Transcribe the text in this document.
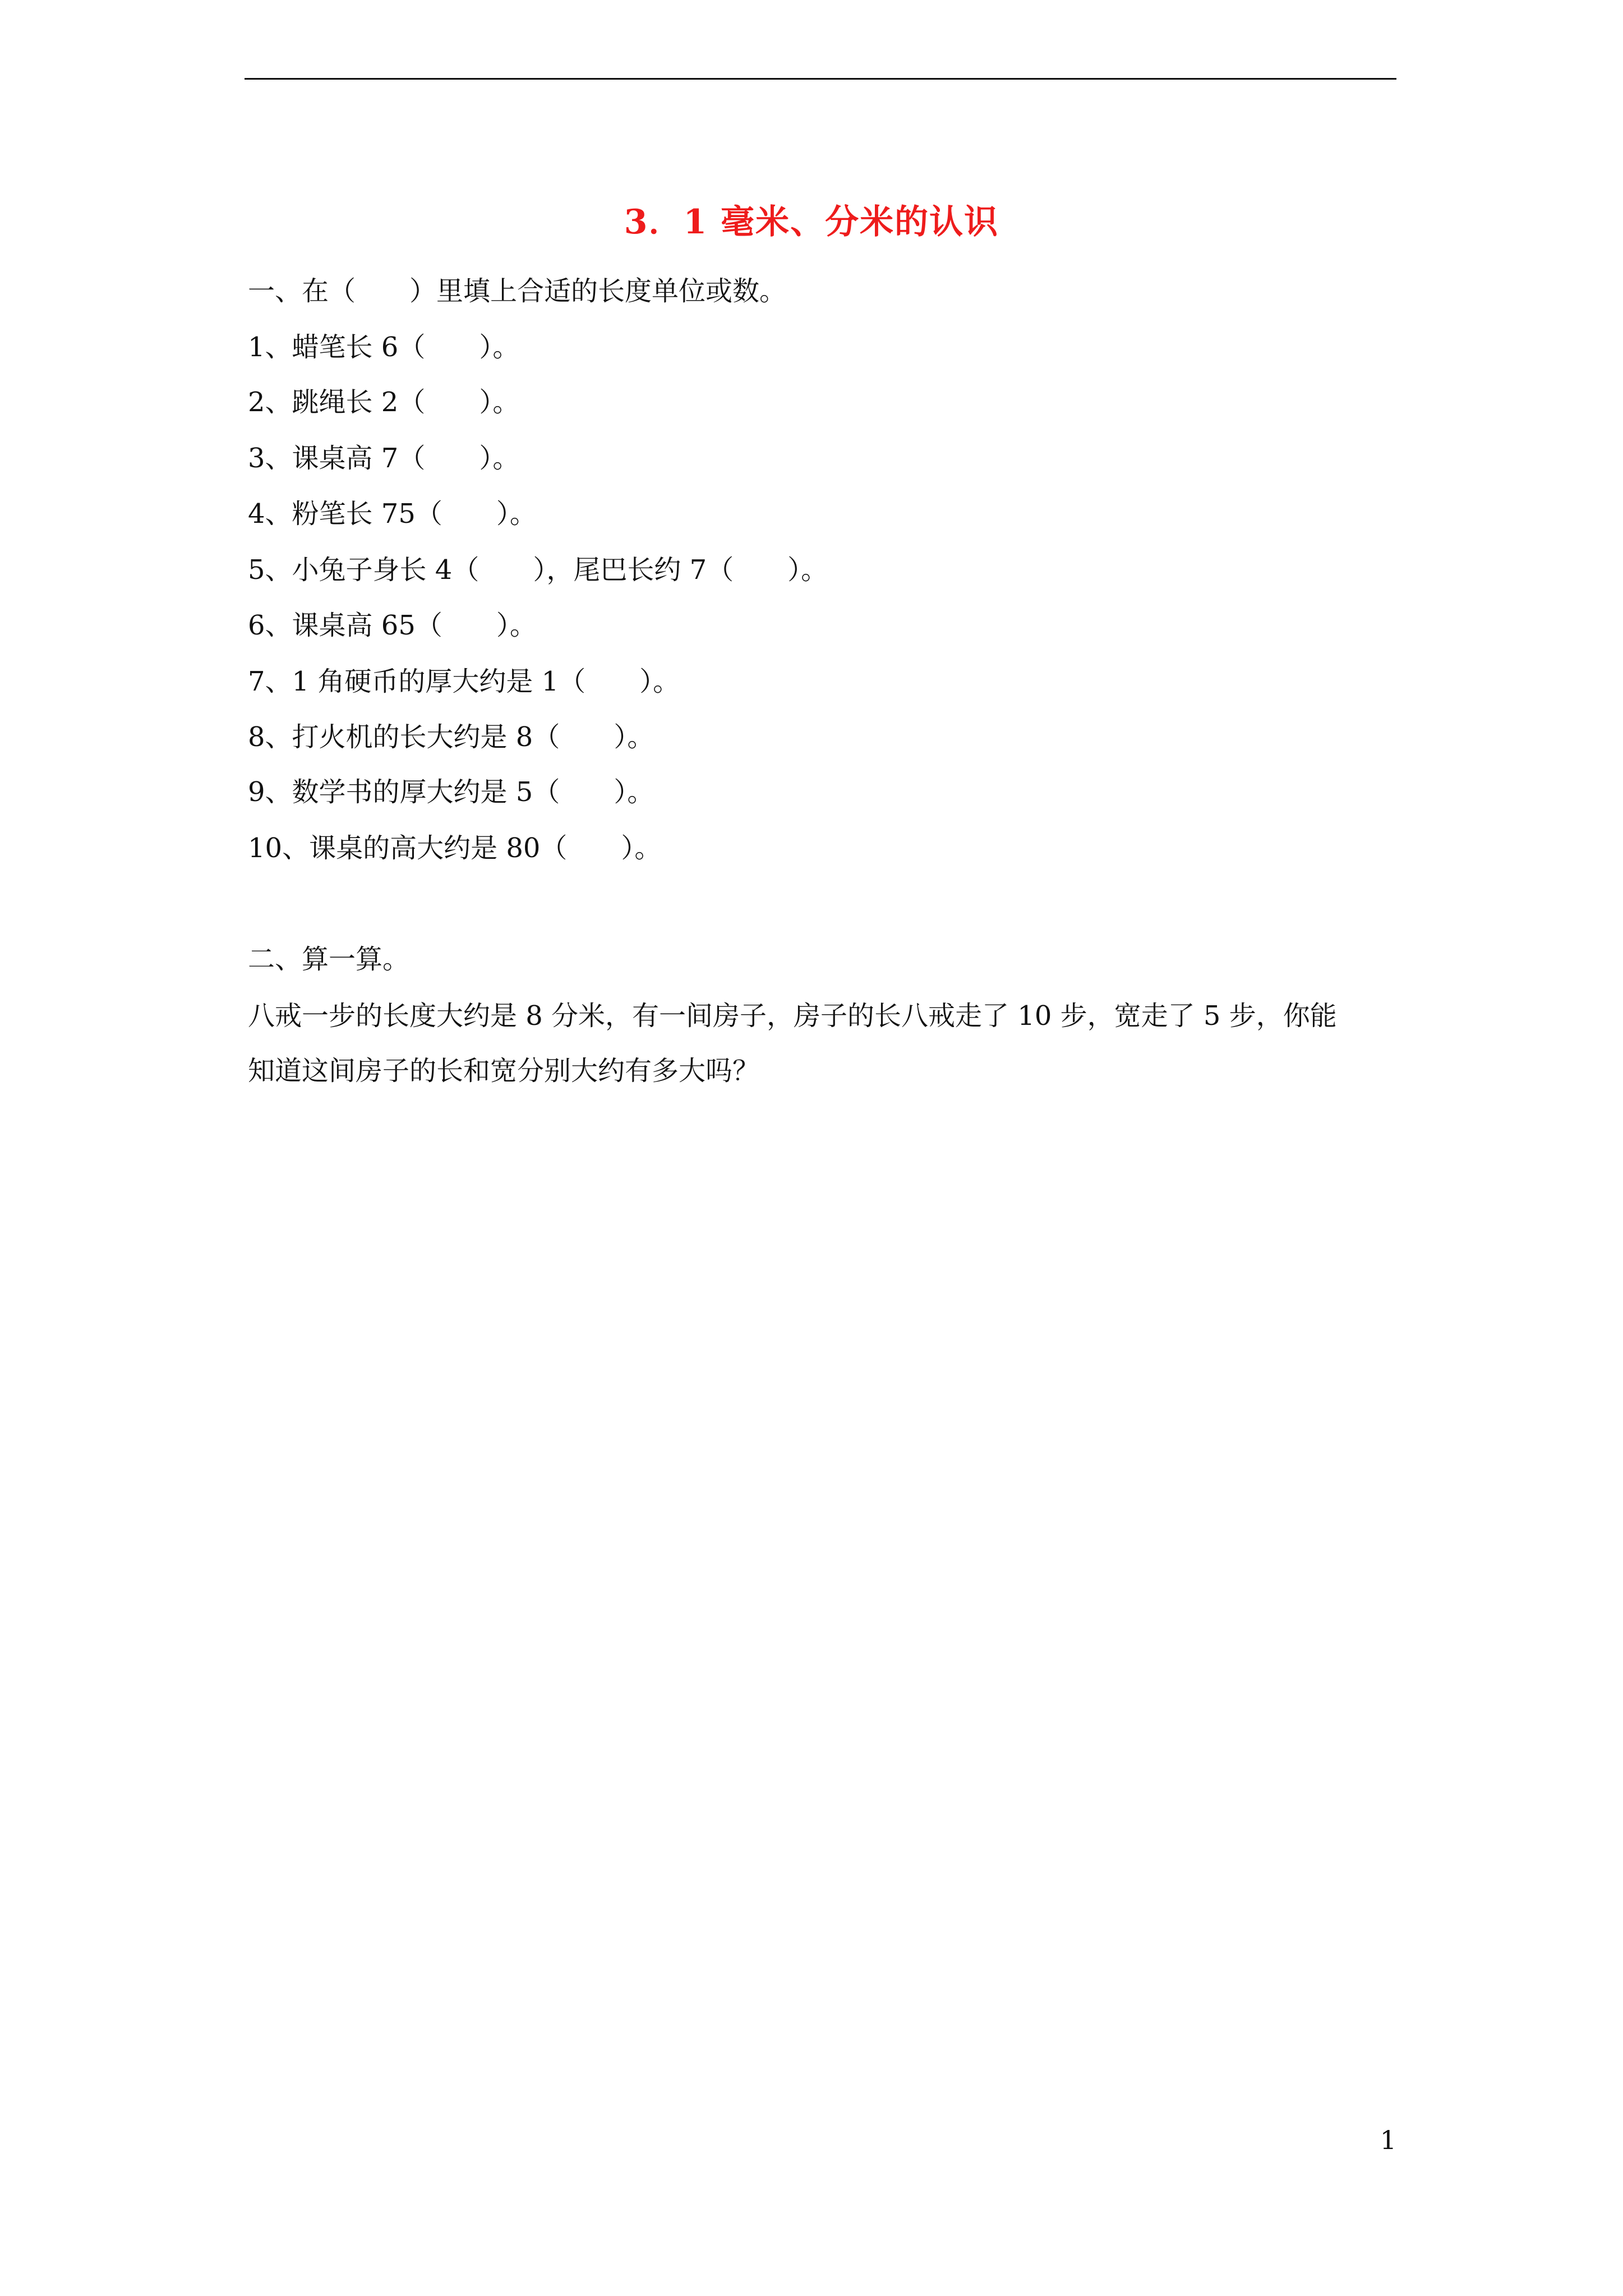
3．1 毫米、分米的认识
一、在（　　）里填上合适的长度单位或数。
1、蜡笔长 6（　　）。
2、跳绳长 2（　　）。
3、课桌高 7（　　）。
4、粉笔长 75（　　）。
5、小兔子身长 4（　　），尾巴长约 7（　　）。
6、课桌高 65（　　）。
7、1 角硬币的厚大约是 1（　　）。
8、打火机的长大约是 8（　　）。
9、数学书的厚大约是 5（　　）。
10、课桌的高大约是 80（　　）。
二、算一算。
八戒一步的长度大约是 8 分米，有一间房子，房子的长八戒走了 10 步，宽走了 5 步，你能
知道这间房子的长和宽分别大约有多大吗？
1
